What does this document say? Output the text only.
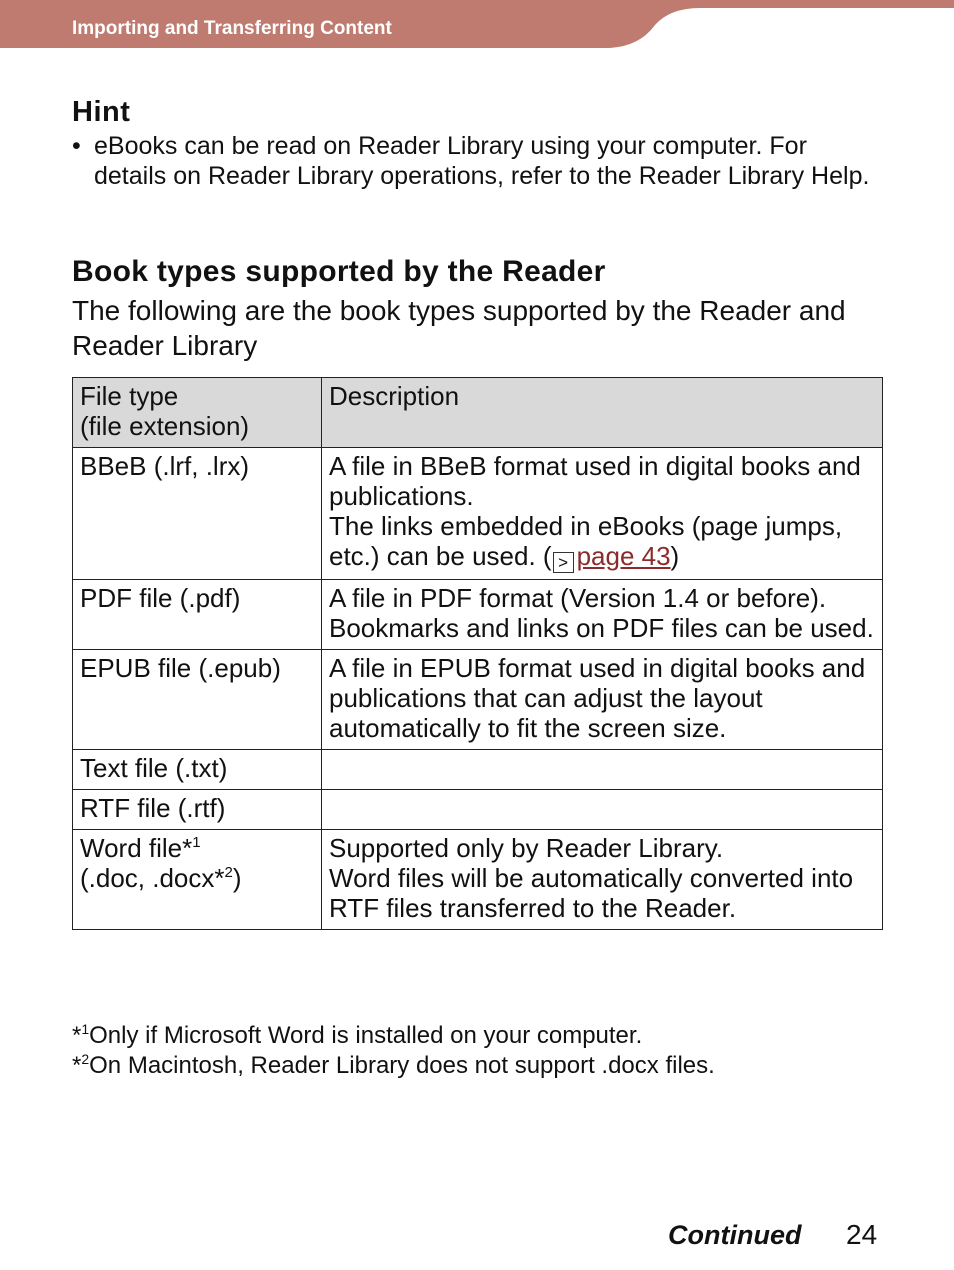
Importing and Transferring Content
Hint
• eBooks can be read on Reader Library using your computer. For details on Reader Library operations, refer to the Reader Library Help.
Book types supported by the Reader
The following are the book types supported by the Reader and Reader Library
File type
(file extension)	Description
BBeB (.lrf, .lrx)	A file in BBeB format used in digital books and publications.
The links embedded in eBooks (page jumps, etc.) can be used. ( > page 43)

PDF file (.pdf)	A file in PDF format (Version 1.4 or before).
Bookmarks and links on PDF files can be used.

EPUB file (.epub)	A file in EPUB format used in digital books and publications that can adjust the layout automatically to fit the screen size.
Text file (.txt)	
RTF file (.rtf)	

Word file*$^1$
(.doc, .docx*$^2$)	Supported only by Reader Library.
Word files will be automatically converted into RTF files transferred to the Reader.
*$^1$Only if Microsoft Word is installed on your computer.
*$^2$On Macintosh, Reader Library does not support .docx files.
Continued 24
